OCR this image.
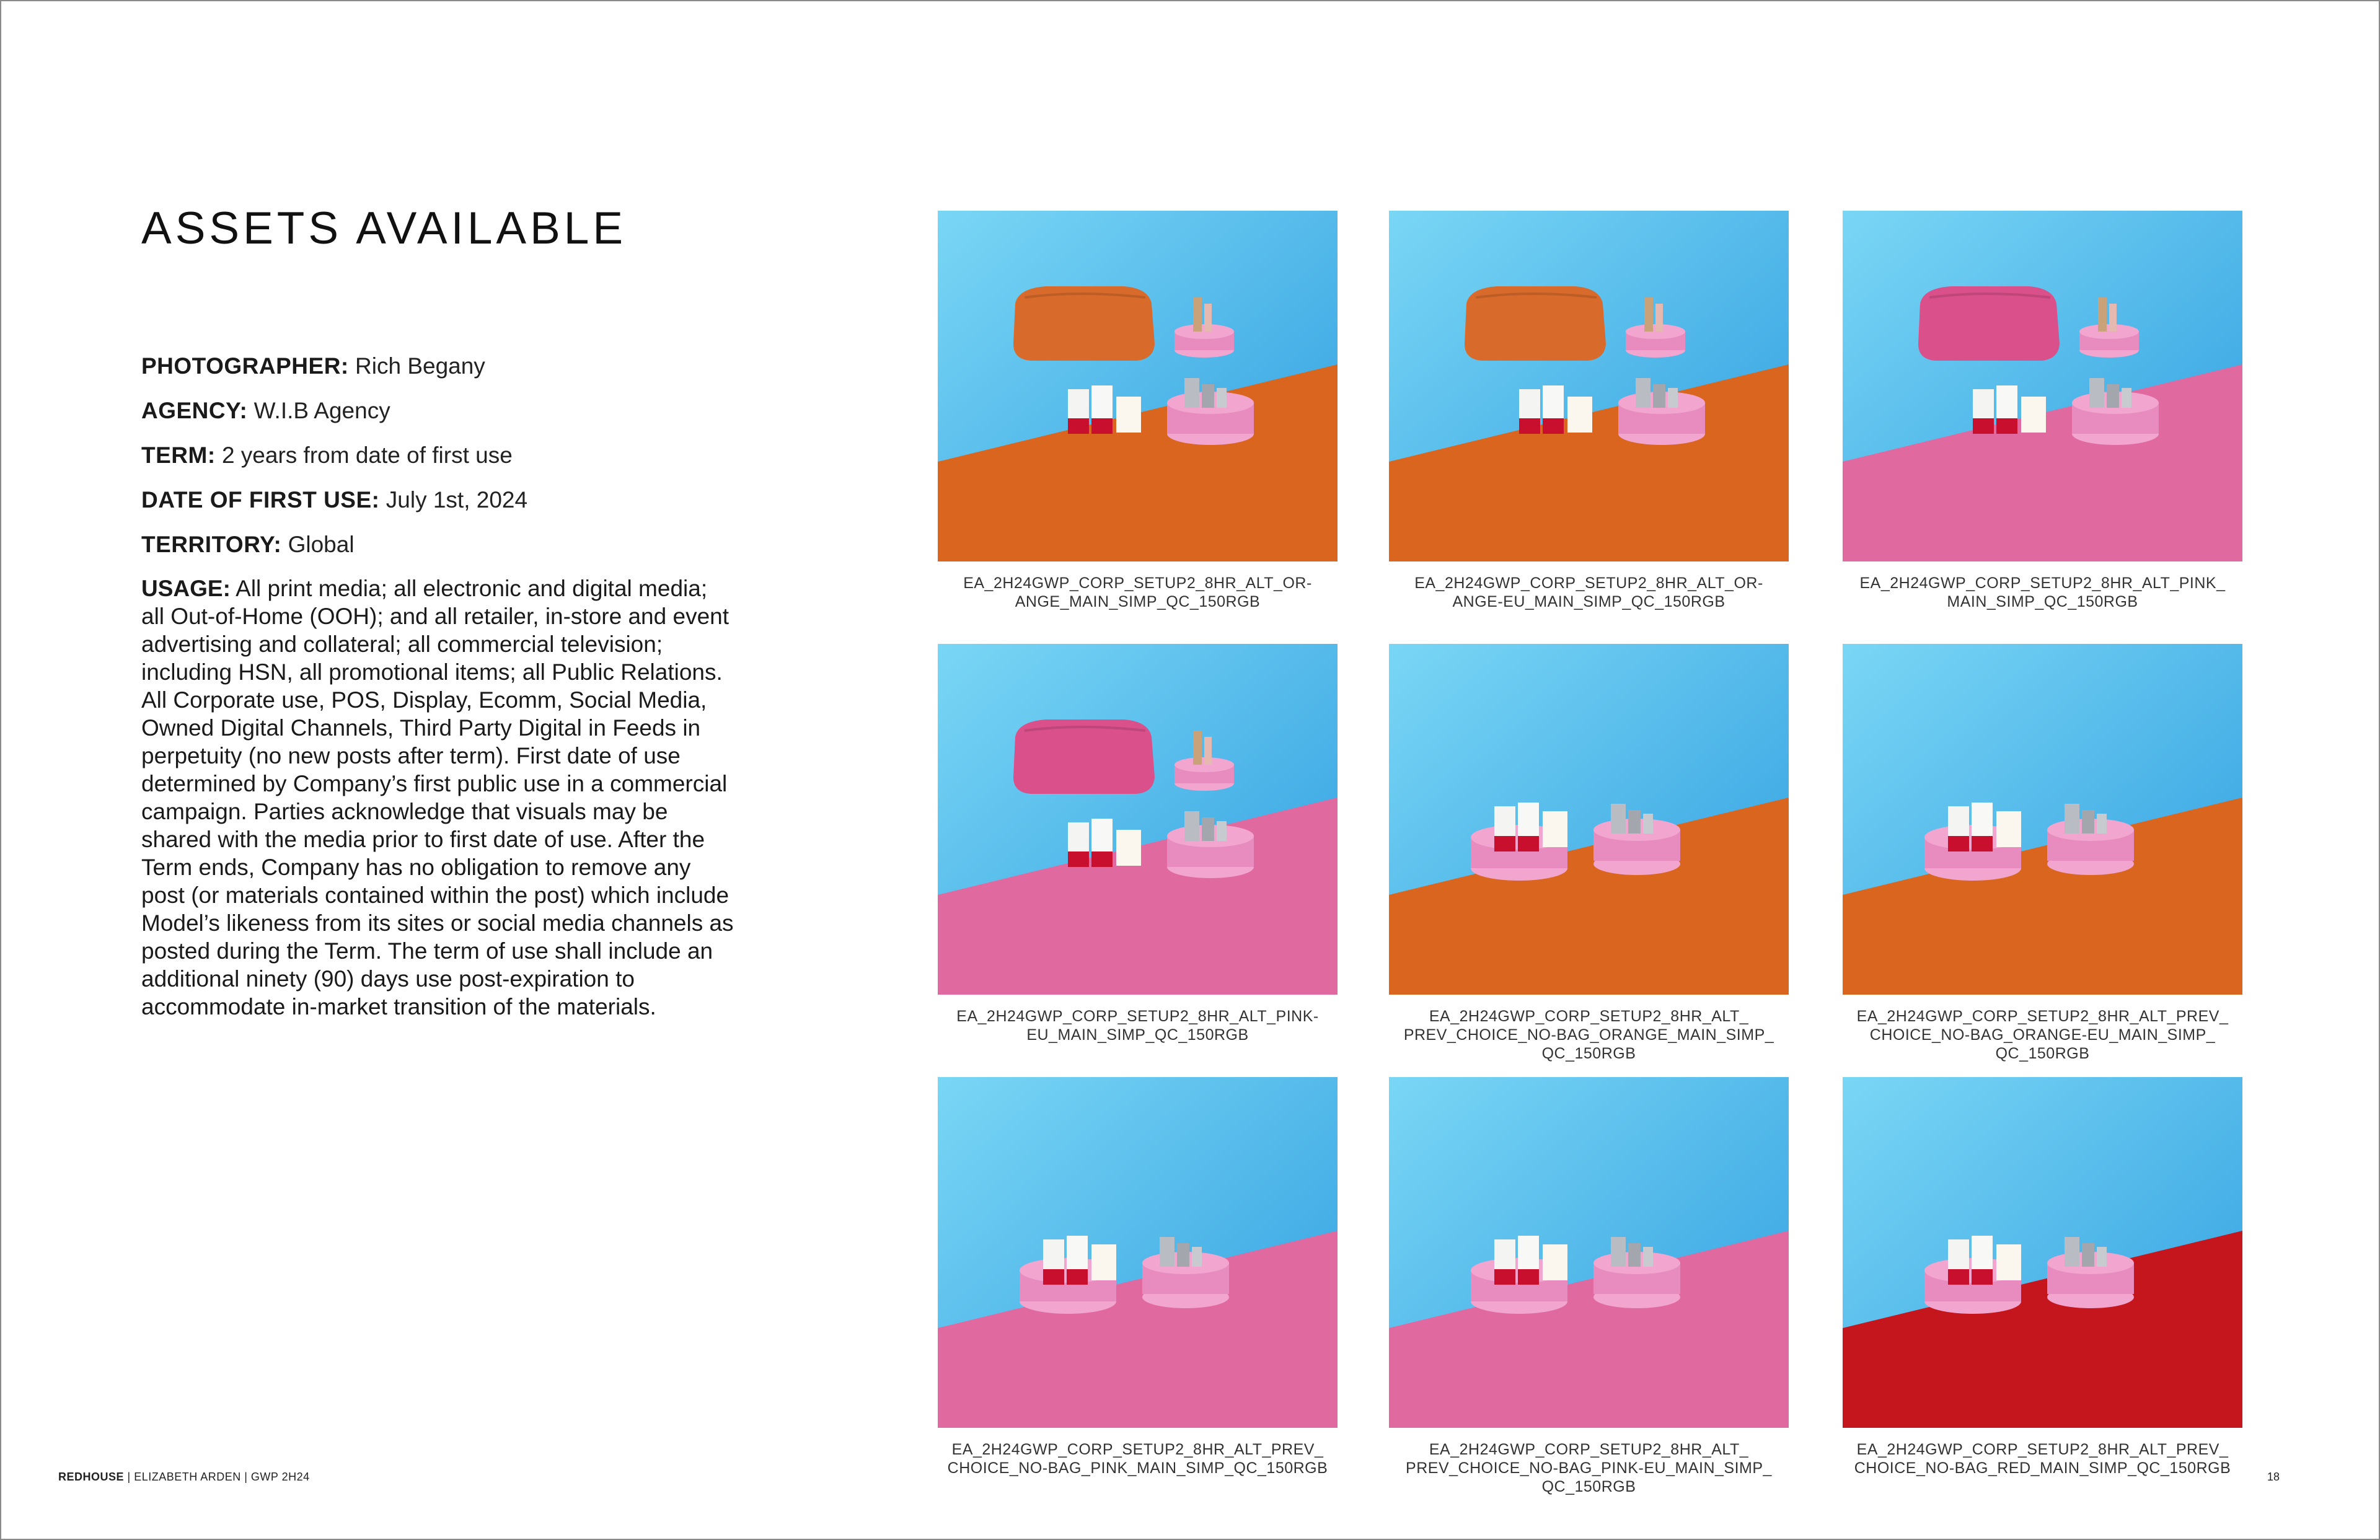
ASSETS AVAILABLE
PHOTOGRAPHER: Rich Begany
AGENCY: W.I.B Agency
TERM: 2 years from date of first use
DATE OF FIRST USE: July 1st, 2024
TERRITORY: Global
USAGE: All print media; all electronic and digital media; all Out-of-Home (OOH); and all retailer, in-store and event advertising and collateral; all commercial television; including HSN, all promotional items; all Public Relations. All Corporate use, POS, Display, Ecomm, Social Media, Owned Digital Channels, Third Party Digital in Feeds in perpetuity (no new posts after term). First date of use determined by Company’s first public use in a commercial campaign. Parties acknowledge that visuals may be shared with the media prior to first date of use. After the Term ends, Company has no obligation to remove any post (or materials contained within the post) which include Model’s likeness from its sites or social media channels as posted during the Term. The term of use shall include an additional ninety (90) days use post-expiration to accommodate in-market transition of the materials.
EA_2H24GWP_CORP_SETUP2_8HR_ALT_OR-
ANGE_MAIN_SIMP_QC_150RGB
EA_2H24GWP_CORP_SETUP2_8HR_ALT_OR-
ANGE-EU_MAIN_SIMP_QC_150RGB
EA_2H24GWP_CORP_SETUP2_8HR_ALT_PINK_
MAIN_SIMP_QC_150RGB
EA_2H24GWP_CORP_SETUP2_8HR_ALT_PINK-
EU_MAIN_SIMP_QC_150RGB
EA_2H24GWP_CORP_SETUP2_8HR_ALT_
PREV_CHOICE_NO-BAG_ORANGE_MAIN_SIMP_
QC_150RGB
EA_2H24GWP_CORP_SETUP2_8HR_ALT_PREV_
CHOICE_NO-BAG_ORANGE-EU_MAIN_SIMP_
QC_150RGB
EA_2H24GWP_CORP_SETUP2_8HR_ALT_PREV_
CHOICE_NO-BAG_PINK_MAIN_SIMP_QC_150RGB
EA_2H24GWP_CORP_SETUP2_8HR_ALT_
PREV_CHOICE_NO-BAG_PINK-EU_MAIN_SIMP_
QC_150RGB
EA_2H24GWP_CORP_SETUP2_8HR_ALT_PREV_
CHOICE_NO-BAG_RED_MAIN_SIMP_QC_150RGB
REDHOUSE | ELIZABETH ARDEN | GWP 2H24	18
